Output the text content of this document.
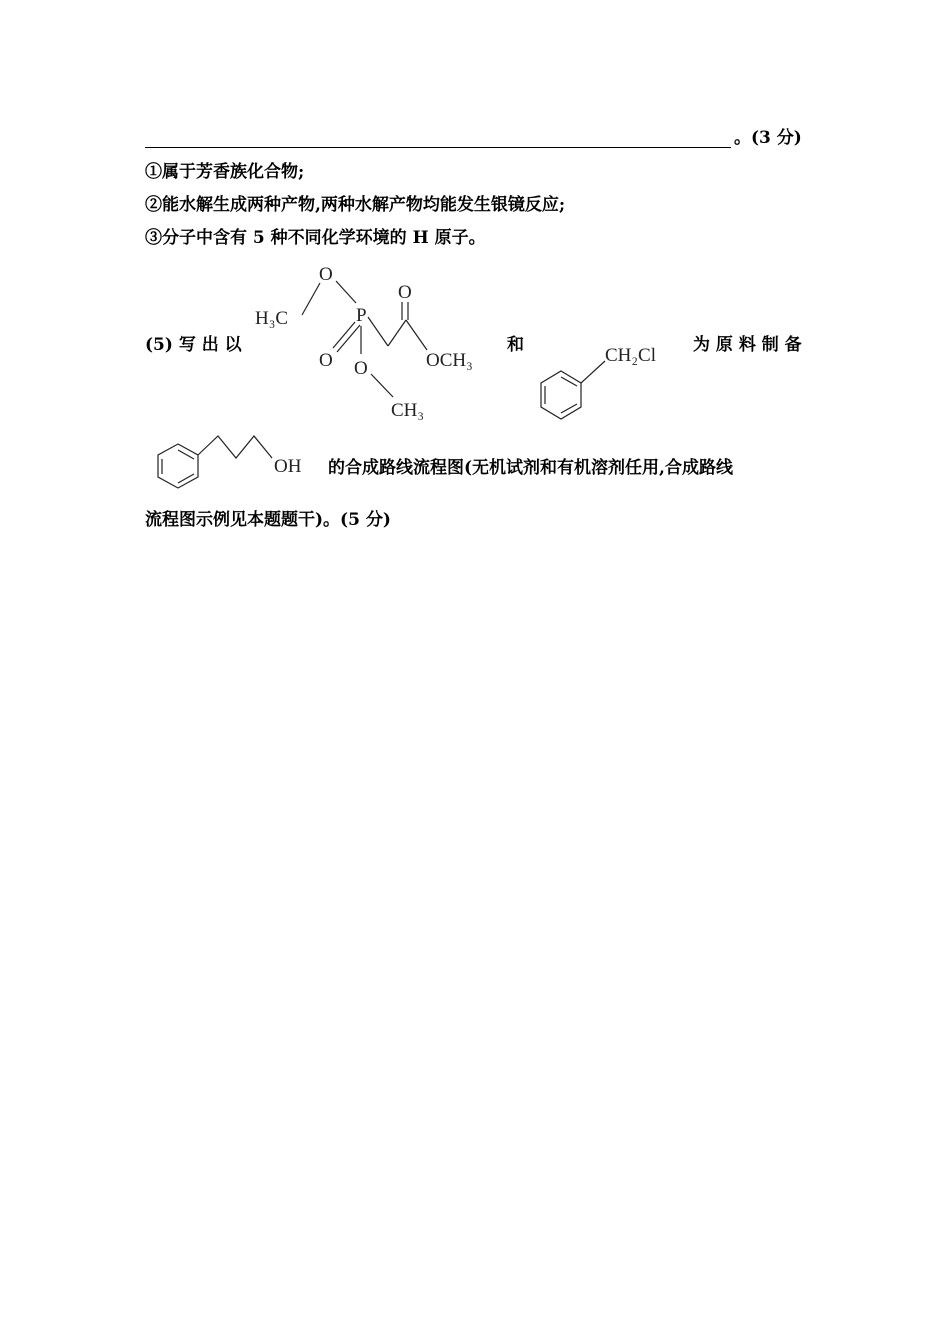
。(3 分)
①属于芳香族化合物;
②能水解生成两种产物,两种水解产物均能发生银镜反应;
③分子中含有 5 种不同化学环境的 H 原子。
(5) 写 出 以
O
H₃C	P
O
O	OCH₃
O
CH₃
和	CH₂Cl 为 原 料 制 备
OH 的合成路线流程图(无机试剂和有机溶剂任用,合成路线
流程图示例见本题题干)。(5 分)
